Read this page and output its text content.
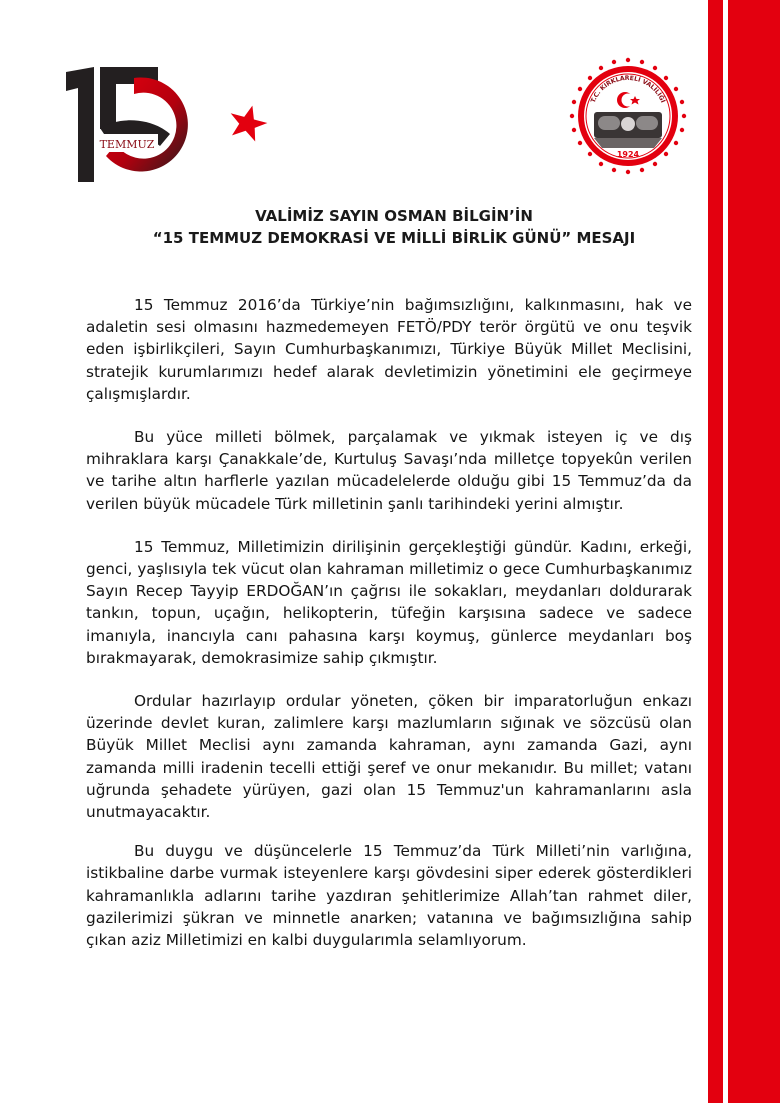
TEMMUZ
T.C. KIRKLARELİ VALİLİĞİ
1924
VALİMİZ SAYIN OSMAN BİLGİN’İN
“15 TEMMUZ DEMOKRASİ VE MİLLİ BİRLİK GÜNÜ” MESAJI

15 Temmuz 2016’da Türkiye’nin bağımsızlığını, kalkınmasını, hak ve adaletin sesi olmasını hazmedemeyen FETÖ/PDY terör örgütü ve onu teşvik eden işbirlikçileri, Sayın Cumhurbaşkanımızı, Türkiye Büyük Millet Meclisini, stratejik kurumlarımızı hedef alarak devletimizin yönetimini ele geçirmeye çalışmışlardır.

Bu yüce milleti bölmek, parçalamak ve yıkmak isteyen iç ve dış mihraklara karşı Çanakkale’de, Kurtuluş Savaşı’nda milletçe topyekûn verilen ve tarihe altın harflerle yazılan mücadelelerde olduğu gibi 15 Temmuz’da da verilen büyük mücadele Türk milletinin şanlı tarihindeki yerini almıştır.

15 Temmuz, Milletimizin dirilişinin gerçekleştiği gündür. Kadını, erkeği, genci, yaşlısıyla tek vücut olan kahraman milletimiz o gece Cumhurbaşkanımız Sayın Recep Tayyip ERDOĞAN’ın çağrısı ile sokakları, meydanları doldurarak tankın, topun, uçağın, helikopterin, tüfeğin karşısına sadece ve sadece imanıyla, inancıyla canı pahasına karşı koymuş, günlerce meydanları boş bırakmayarak, demokrasimize sahip çıkmıştır.

Ordular hazırlayıp ordular yöneten, çöken bir imparatorluğun enkazı üzerinde devlet kuran, zalimlere karşı mazlumların sığınak ve sözcüsü olan Büyük Millet Meclisi aynı zamanda kahraman, aynı zamanda Gazi, aynı zamanda milli iradenin tecelli ettiği şeref ve onur mekanıdır. Bu millet; vatanı uğrunda şehadete yürüyen, gazi olan 15 Temmuz'un kahramanlarını asla unutmayacaktır.

Bu duygu ve düşüncelerle 15 Temmuz’da Türk Milleti’nin varlığına, istikbaline darbe vurmak isteyenlere karşı gövdesini siper ederek gösterdikleri kahramanlıkla adlarını tarihe yazdıran şehitlerimize Allah’tan rahmet diler, gazilerimizi şükran ve minnetle anarken; vatanına ve bağımsızlığına sahip çıkan aziz Milletimizi en kalbi duygularımla selamlıyorum.
